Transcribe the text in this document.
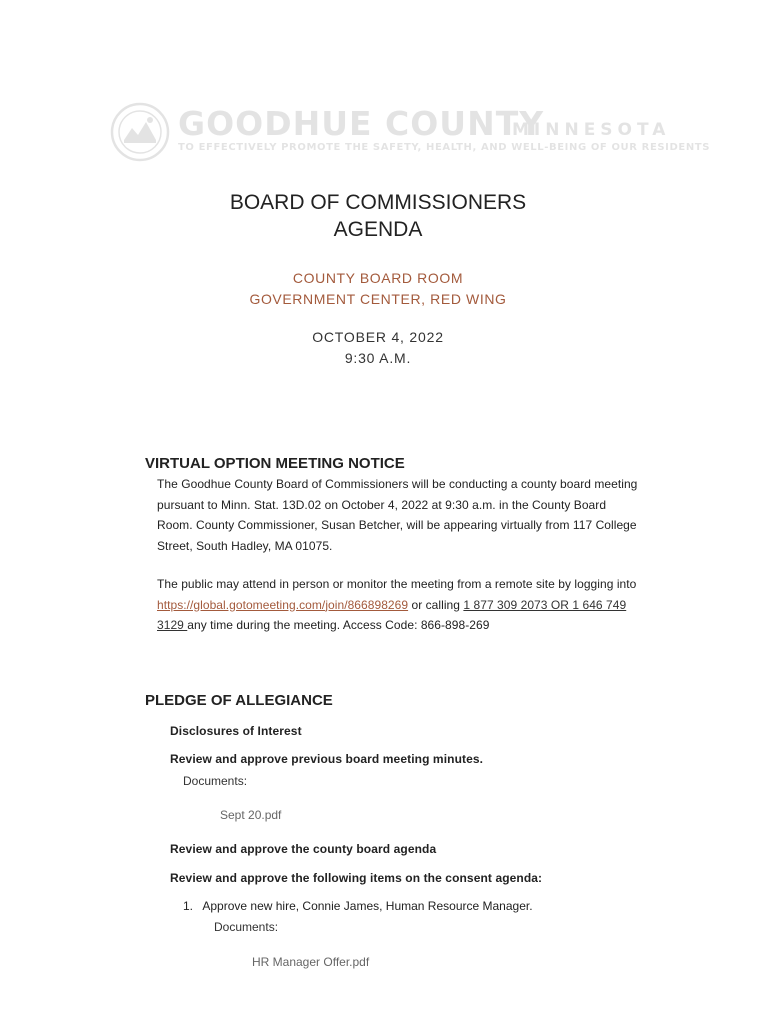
GOODHUE COUNTY
MINNESOTA
TO EFFECTIVELY PROMOTE THE SAFETY, HEALTH, AND WELL-BEING OF OUR RESIDENTS
BOARD OF COMMISSIONERS
AGENDA
COUNTY BOARD ROOM
GOVERNMENT CENTER, RED WING
OCTOBER 4, 2022
9:30 A.M.
VIRTUAL OPTION MEETING NOTICE
The Goodhue County Board of Commissioners will be conducting a county board meeting
pursuant to Minn. Stat. 13D.02 on October 4, 2022 at 9:30 a.m. in the County Board
Room. County Commissioner, Susan Betcher, will be appearing virtually from 117 College
Street, South Hadley, MA 01075.
The public may attend in person or monitor the meeting from a remote site by logging into
https://global.gotomeeting.com/join/866898269 or calling 1 877 309 2073 OR 1 646 749
3129 any time during the meeting. Access Code: 866-898-269
PLEDGE OF ALLEGIANCE
Disclosures of Interest
Review and approve previous board meeting minutes.
Documents:
Sept 20.pdf
Review and approve the county board agenda
Review and approve the following items on the consent agenda:
1. Approve new hire, Connie James, Human Resource Manager.
Documents:
HR Manager Offer.pdf
